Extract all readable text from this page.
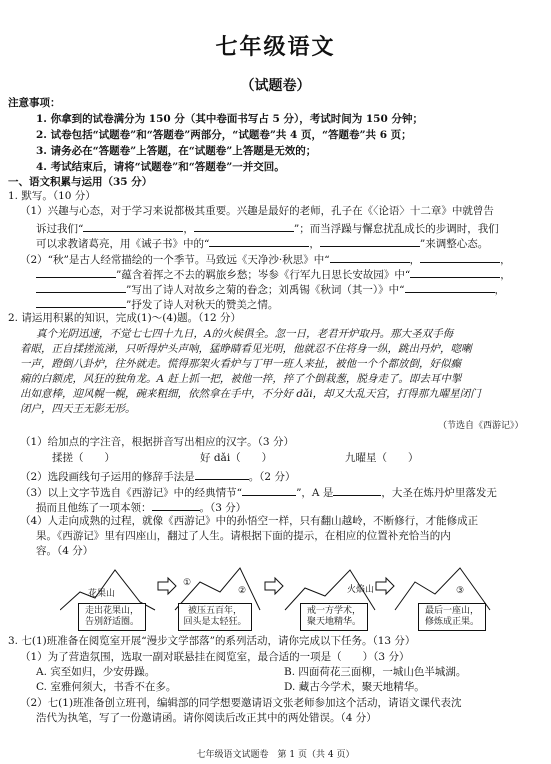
七年级语文
（试题卷）
注意事项：
1. 你拿到的试卷满分为 150 分（其中卷面书写占 5 分），考试时间为 150 分钟；
2. 试卷包括“试题卷”和“答题卷”两部分，“试题卷”共 4 页，“答题卷”共 6 页；
3. 请务必在“答题卷”上答题，在“试题卷”上答题是无效的；
4. 考试结束后，请将“试题卷”和“答题卷”一并交回。
一、语文积累与运用（35 分）
1. 默写。（10 分）
（1）兴趣与心态，对于学习来说都极其重要。兴趣是最好的老师，孔子在《〈论语〉十二章》中就曾告
诉过我们“	，	”；而当浮躁与懈怠扰乱成长的步调时，我们
可以求教诸葛亮，用《诫子书》中的“	，	”来调整心态。
（2）“秋”是古人经常描绘的一个季节。马致远《天净沙·秋思》中“	，	，
”蕴含着挥之不去的羁旅乡愁；岑参《行军九日思长安故园》中“	，
”写出了诗人对故乡之菊的眷念；刘禹锡《秋词（其一）》中“	，
”抒发了诗人对秋天的赞美之情。
2. 请运用积累的知识，完成(1)～(4)题。（12 分）
真个光阴迅速，不觉七七四十九日，A的火候俱全。忽一日，老君开炉取丹。那大圣双手侮
着眼，正自揉搓流涕，只听得炉头声响，猛睁睛看见光明，他就忍不住将身一纵，跳出丹炉，唿喇
一声，蹬倒八卦炉，往外就走。慌得那架火看炉与丁甲一班人来扯，被他一个个都放倒，好似癫
痫的白额虎，风狂的独角龙。A 赶上抓一把，被他一捽，捽了个倒栽葱，脱身走了。即去耳中掣
出如意棒，迎风幌一幌，碗来粗细，依然拿在手中，不分好 dǎi，却又大乱天宫，打得那九曜星闭门
闭户，四天王无影无形。
（节选自《西游记》）
（1）给加点的字注音，根据拼音写出相应的汉字。（3 分）
揉搓（　　）	好 dǎi（　　）	九曜星（　　）
（2）选段画线句子运用的修辞手法是	。（2 分）
（3）以上文字节选自《西游记》中的经典情节“	”，A 是	，大圣在炼丹炉里落发无
损而且他练了一项本领：	。（3 分）
（4）人走向成熟的过程，就像《西游记》中的孙悟空一样，只有翻山越岭，不断修行，才能修成正
果。《西游记》里有四座山，翻过了人生。请根据下面的提示，在相应的位置补充恰当的内
容。（4 分）
花果山	②	火焰山	③
①
走出花果山，
告别舒适圈。
被压五百年，
回头是太轻狂。
戒一方学术，
聚天地精华。
最后一座山，
修炼成正果。
3. 七(1)班准备在阅览室开展“漫步文学部落”的系列活动，请你完成以下任务。（13 分）
（1）为了营造氛围，选取一副对联悬挂在阅览室，最合适的一项是（　　）（3 分）
A. 宾至如归，少安毋躁。	B. 四面荷花三面柳，一城山色半城湖。
C. 室雅何须大，书香不在多。	D. 藏古今学术，聚天地精华。
（2）七(1)班准备创立班刊，编辑部的同学想要邀请语文张老师参加这个活动，请语文课代表沈
浩代为执笔，写了一份邀请函。请你阅读后改正其中的两处错误。（4 分）
七年级语文试题卷　第 1 页（共 4 页）
